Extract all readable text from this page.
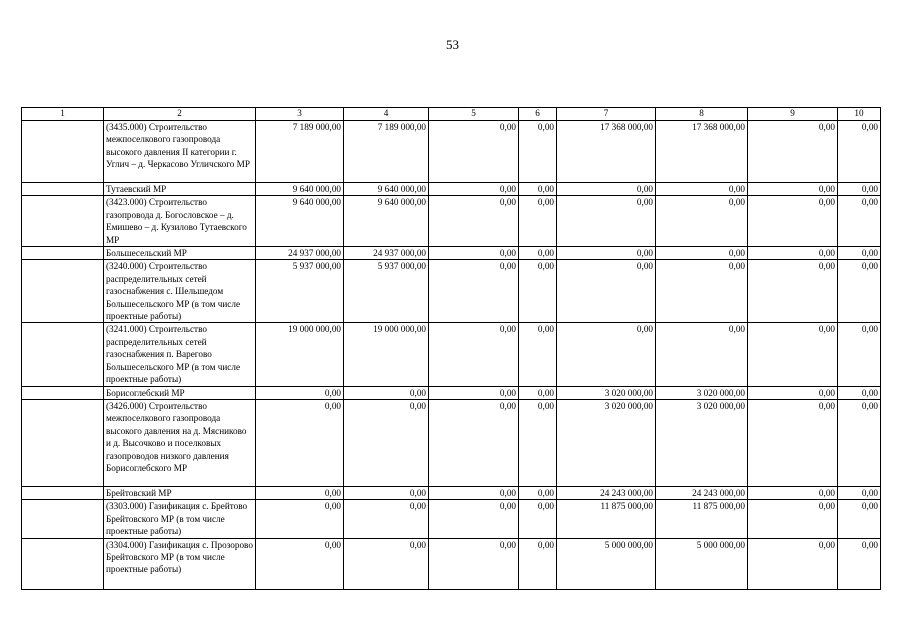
53
1	2	3	4	5	6	7	8	9	10
	(3435.000) Строительство межпоселкового газопровода высокого давления II категории г. Углич – д. Черкасово Угличского МР	7 189 000,00	7 189 000,00	0,00	0,00	17 368 000,00	17 368 000,00	0,00	0,00
	Тутаевский МР	9 640 000,00	9 640 000,00	0,00	0,00	0,00	0,00	0,00	0,00
	(3423.000) Строительство газопровода д. Богословское – д. Емишево – д. Кузилово Тутаевского МР	9 640 000,00	9 640 000,00	0,00	0,00	0,00	0,00	0,00	0,00
	Большесельский МР	24 937 000,00	24 937 000,00	0,00	0,00	0,00	0,00	0,00	0,00
	(3240.000) Строительство распределительных сетей газоснабжения с. Шельшедом Большесельского МР (в том числе проектные работы)	5 937 000,00	5 937 000,00	0,00	0,00	0,00	0,00	0,00	0,00
	(3241.000) Строительство распределительных сетей газоснабжения п. Варегово Большесельского МР (в том числе проектные работы)	19 000 000,00	19 000 000,00	0,00	0,00	0,00	0,00	0,00	0,00
	Борисоглебский МР	0,00	0,00	0,00	0,00	3 020 000,00	3 020 000,00	0,00	0,00
	(3426.000) Строительство межпоселкового газопровода высокого давления на д. Мясниково и д. Высочково и поселковых газопроводов низкого давления Борисоглебского МР	0,00	0,00	0,00	0,00	3 020 000,00	3 020 000,00	0,00	0,00
	Брейтовский МР	0,00	0,00	0,00	0,00	24 243 000,00	24 243 000,00	0,00	0,00
	(3303.000) Газификация с. Брейтово Брейтовского МР (в том числе проектные работы)	0,00	0,00	0,00	0,00	11 875 000,00	11 875 000,00	0,00	0,00
	(3304.000) Газификация с. Прозорово Брейтовского МР (в том числе проектные работы)	0,00	0,00	0,00	0,00	5 000 000,00	5 000 000,00	0,00	0,00
